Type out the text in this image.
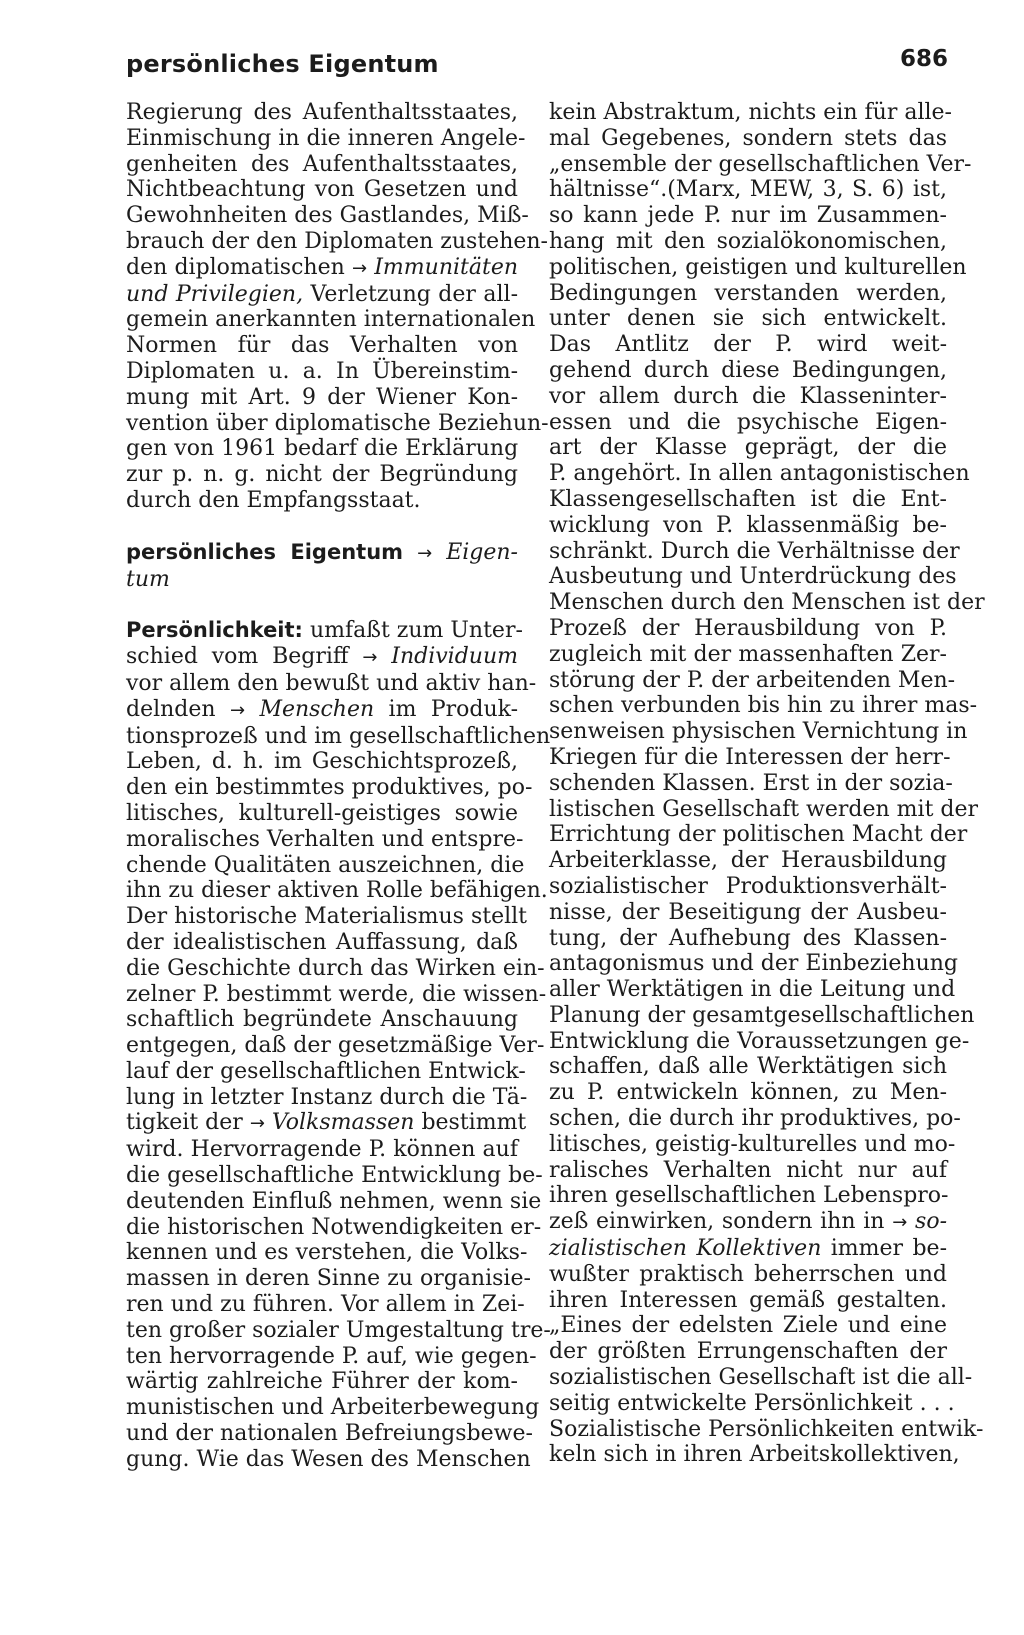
persönliches Eigentum	686
Regierung des Aufenthaltsstaates,
Einmischung in die inneren Angele-
genheiten des Aufenthaltsstaates,
Nichtbeachtung von Gesetzen und
Gewohnheiten des Gastlandes, Miß-
brauch der den Diplomaten zustehen-
den diplomatischen → Immunitäten
und Privilegien, Verletzung der all-
gemein anerkannten internationalen
Normen für das Verhalten von
Diplomaten u. a. In Übereinstim-
mung mit Art. 9 der Wiener Kon-
vention über diplomatische Beziehun-
gen von 1961 bedarf die Erklärung
zur p. n. g. nicht der Begründung
durch den Empfangsstaat.
persönliches Eigentum → Eigen-
tum
Persönlichkeit: umfaßt zum Unter-
schied vom Begriff → Individuum
vor allem den bewußt und aktiv han-
delnden → Menschen im Produk-
tionsprozeß und im gesellschaftlichen
Leben, d. h. im Geschichtsprozeß,
den ein bestimmtes produktives, po-
litisches, kulturell-geistiges sowie
moralisches Verhalten und entspre-
chende Qualitäten auszeichnen, die
ihn zu dieser aktiven Rolle befähigen.
Der historische Materialismus stellt
der idealistischen Auffassung, daß
die Geschichte durch das Wirken ein-
zelner P. bestimmt werde, die wissen-
schaftlich begründete Anschauung
entgegen, daß der gesetzmäßige Ver-
lauf der gesellschaftlichen Entwick-
lung in letzter Instanz durch die Tä-
tigkeit der → Volksmassen bestimmt
wird. Hervorragende P. können auf
die gesellschaftliche Entwicklung be-
deutenden Einfluß nehmen, wenn sie
die historischen Notwendigkeiten er-
kennen und es verstehen, die Volks-
massen in deren Sinne zu organisie-
ren und zu führen. Vor allem in Zei-
ten großer sozialer Umgestaltung tre-
ten hervorragende P. auf, wie gegen-
wärtig zahlreiche Führer der kom-
munistischen und Arbeiterbewegung
und der nationalen Befreiungsbewe-
gung. Wie das Wesen des Menschen
kein Abstraktum, nichts ein für alle-
mal Gegebenes, sondern stets das
„ensemble der gesellschaftlichen Ver-
hältnisse“.(Marx, MEW, 3, S. 6) ist,
so kann jede P. nur im Zusammen-
hang mit den sozialökonomischen,
politischen, geistigen und kulturellen
Bedingungen verstanden werden,
unter denen sie sich entwickelt.
Das Antlitz der P. wird weit-
gehend durch diese Bedingungen,
vor allem durch die Klasseninter-
essen und die psychische Eigen-
art der Klasse geprägt, der die
P. angehört. In allen antagonistischen
Klassengesellschaften ist die Ent-
wicklung von P. klassenmäßig be-
schränkt. Durch die Verhältnisse der
Ausbeutung und Unterdrückung des
Menschen durch den Menschen ist der
Prozeß der Herausbildung von P.
zugleich mit der massenhaften Zer-
störung der P. der arbeitenden Men-
schen verbunden bis hin zu ihrer mas-
senweisen physischen Vernichtung in
Kriegen für die Interessen der herr-
schenden Klassen. Erst in der sozia-
listischen Gesellschaft werden mit der
Errichtung der politischen Macht der
Arbeiterklasse, der Herausbildung
sozialistischer Produktionsverhält-
nisse, der Beseitigung der Ausbeu-
tung, der Aufhebung des Klassen-
antagonismus und der Einbeziehung
aller Werktätigen in die Leitung und
Planung der gesamtgesellschaftlichen
Entwicklung die Voraussetzungen ge-
schaffen, daß alle Werktätigen sich
zu P. entwickeln können, zu Men-
schen, die durch ihr produktives, po-
litisches, geistig-kulturelles und mo-
ralisches Verhalten nicht nur auf
ihren gesellschaftlichen Lebenspro-
zeß einwirken, sondern ihn in → so-
zialistischen Kollektiven immer be-
wußter praktisch beherrschen und
ihren Interessen gemäß gestalten.
„Eines der edelsten Ziele und eine
der größten Errungenschaften der
sozialistischen Gesellschaft ist die all-
seitig entwickelte Persönlichkeit . . .
Sozialistische Persönlichkeiten entwik-
keln sich in ihren Arbeitskollektiven,
